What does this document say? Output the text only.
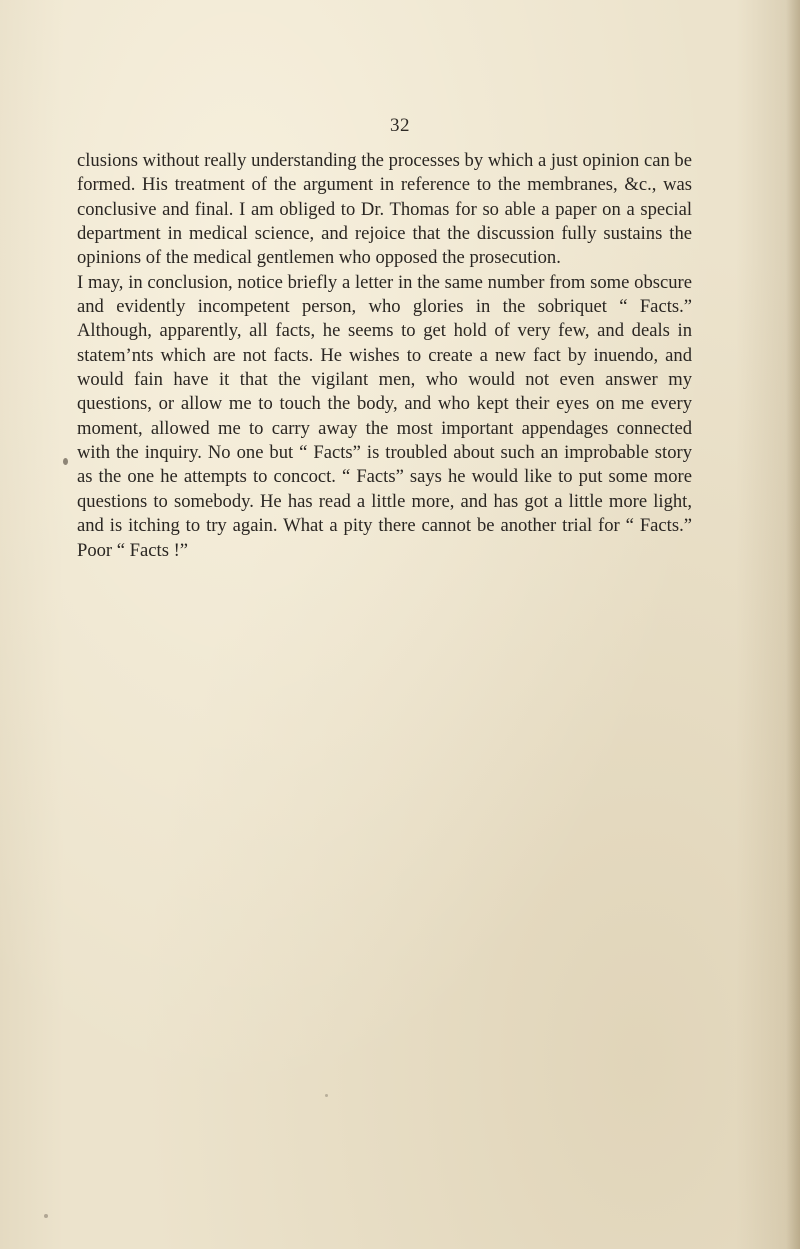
32

clusions without really understanding the processes by which a just opinion can be formed. His treatment of the argument in reference to the membranes, &c., was conclusive and final. I am obliged to Dr. Thomas for so able a paper on a special department in medical science, and rejoice that the discussion fully sustains the opinions of the medical gentlemen who opposed the prosecution.

I may, in conclusion, notice briefly a letter in the same number from some obscure and evidently incompetent person, who glories in the sobriquet “ Facts.” Although, apparently, all facts, he seems to get hold of very few, and deals in statem’nts which are not facts. He wishes to create a new fact by inuendo, and would fain have it that the vigilant men, who would not even answer my questions, or allow me to touch the body, and who kept their eyes on me every moment, allowed me to carry away the most important appendages connected with the inquiry. No one but “ Facts” is troubled about such an improbable story as the one he attempts to concoct. “ Facts” says he would like to put some more questions to somebody. He has read a little more, and has got a little more light, and is itching to try again. What a pity there cannot be another trial for “ Facts.” Poor “ Facts !”
